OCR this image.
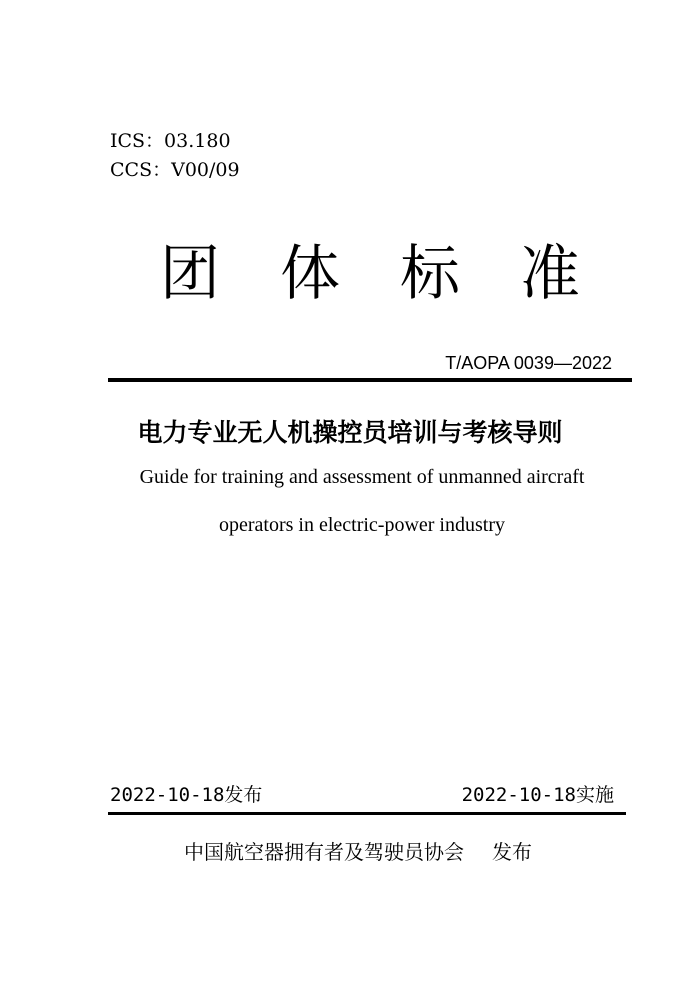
ICS：03.180
CCS：V00/09
团 体 标 准
T/AOPA 0039—2022
电力专业无人机操控员培训与考核导则
Guide for training and assessment of unmanned aircraft
operators in electric-power industry
2022-10-18发布	2022-10-18实施
中国航空器拥有者及驾驶员协会 发布
